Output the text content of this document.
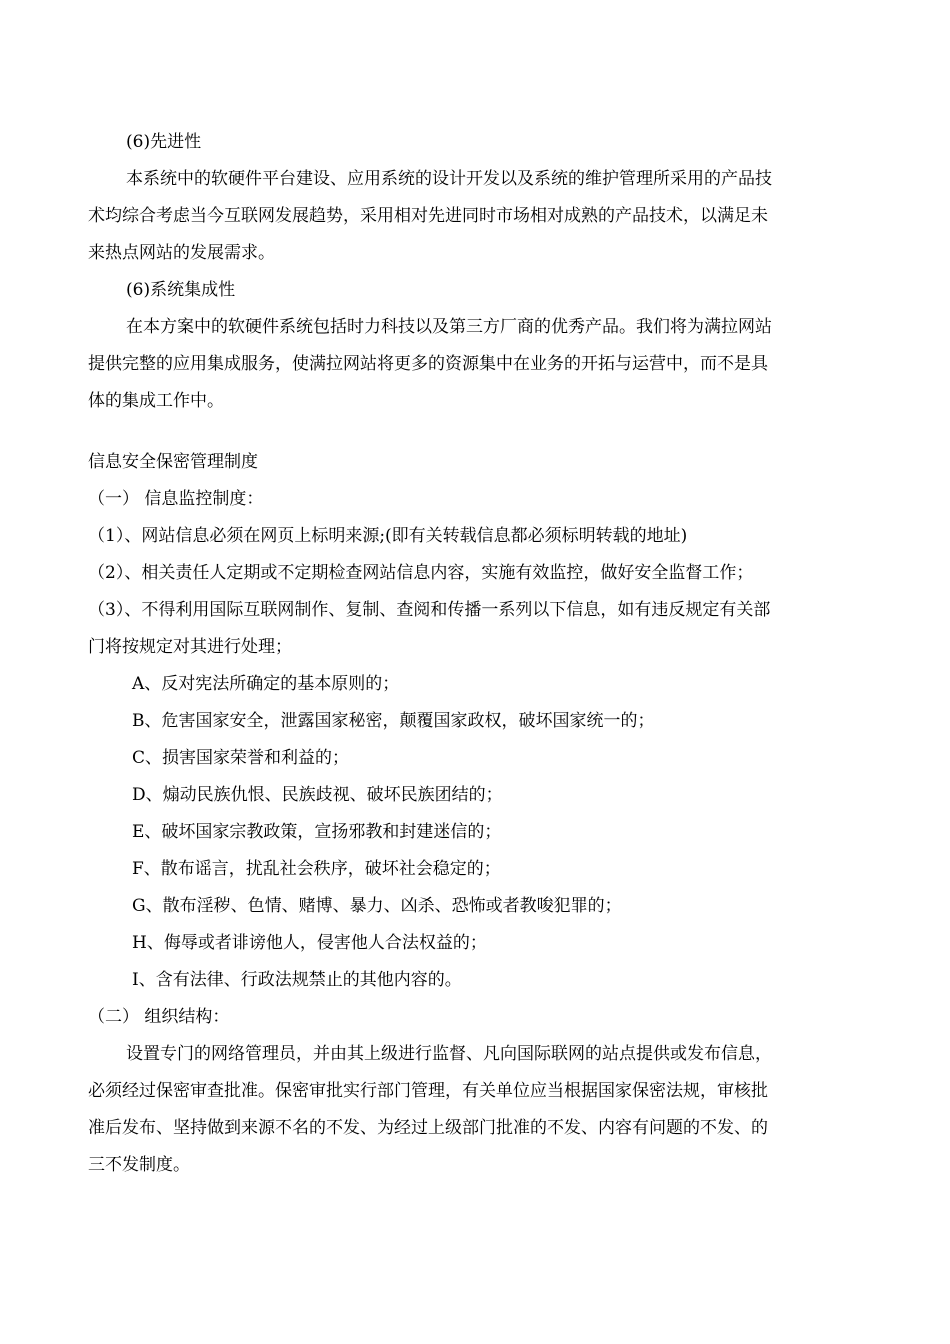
(6)先进性
本系统中的软硬件平台建设、应用系统的设计开发以及系统的维护管理所采用的产品技
术均综合考虑当今互联网发展趋势，采用相对先进同时市场相对成熟的产品技术，以满足未
来热点网站的发展需求。
(6)系统集成性
在本方案中的软硬件系统包括时力科技以及第三方厂商的优秀产品。我们将为满拉网站
提供完整的应用集成服务，使满拉网站将更多的资源集中在业务的开拓与运营中，而不是具
体的集成工作中。
信息安全保密管理制度
（一） 信息监控制度：
（1）、网站信息必须在网页上标明来源;(即有关转载信息都必须标明转载的地址)
（2）、相关责任人定期或不定期检查网站信息内容，实施有效监控，做好安全监督工作；
（3）、不得利用国际互联网制作、复制、查阅和传播一系列以下信息，如有违反规定有关部
门将按规定对其进行处理；
A、反对宪法所确定的基本原则的；
B、危害国家安全，泄露国家秘密，颠覆国家政权，破坏国家统一的；
C、损害国家荣誉和利益的；
D、煽动民族仇恨、民族歧视、破坏民族团结的；
E、破坏国家宗教政策，宣扬邪教和封建迷信的；
F、散布谣言，扰乱社会秩序，破坏社会稳定的；
G、散布淫秽、色情、赌博、暴力、凶杀、恐怖或者教唆犯罪的；
H、侮辱或者诽谤他人，侵害他人合法权益的；
I、含有法律、行政法规禁止的其他内容的。
（二） 组织结构：
设置专门的网络管理员，并由其上级进行监督、凡向国际联网的站点提供或发布信息，
必须经过保密审查批准。保密审批实行部门管理，有关单位应当根据国家保密法规，审核批
准后发布、坚持做到来源不名的不发、为经过上级部门批准的不发、内容有问题的不发、的
三不发制度。
